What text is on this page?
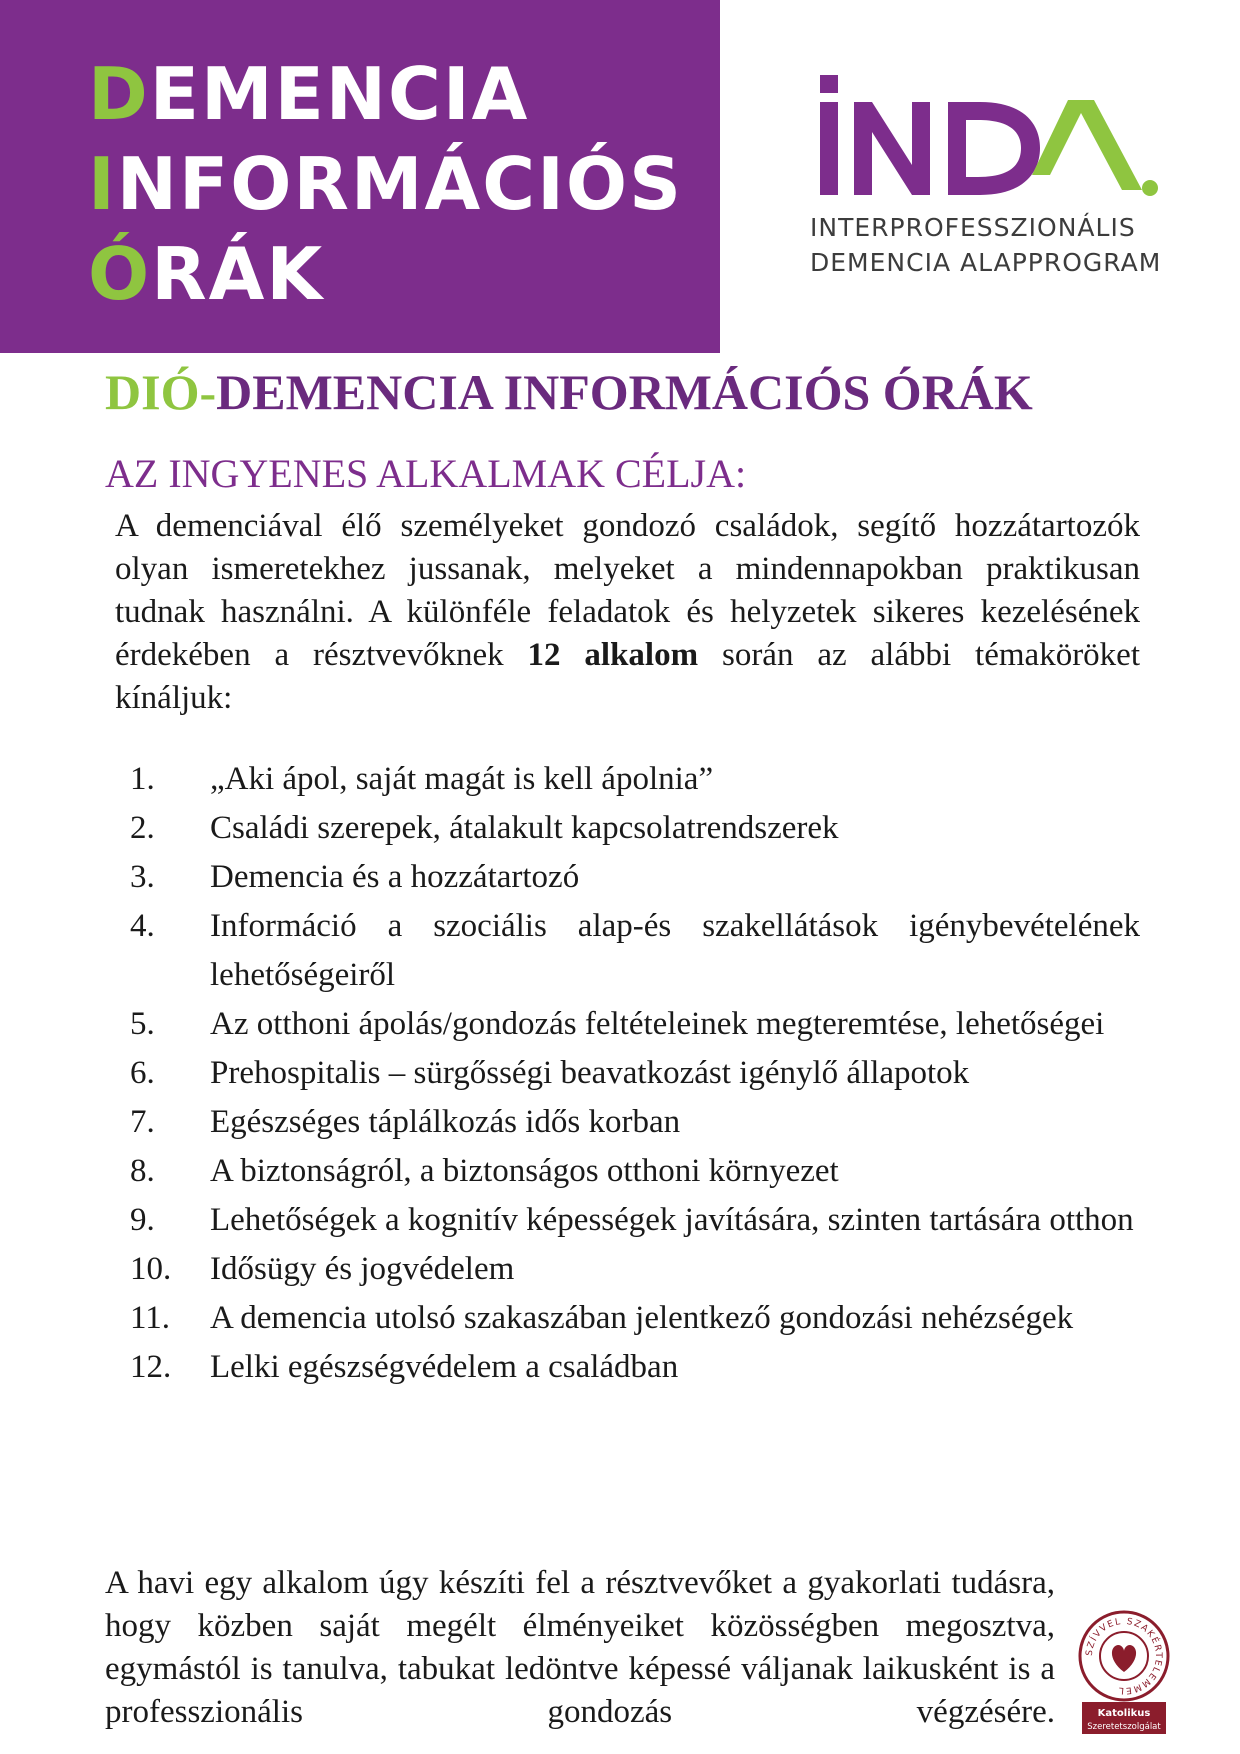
DEMENCIA
INFORMÁCIÓS
ÓRÁK
INTERPROFESSZIONÁLIS
DEMENCIA ALAPPROGRAM
DIÓ-DEMENCIA INFORMÁCIÓS ÓRÁK
AZ INGYENES ALKALMAK CÉLJA:
A demenciával élő személyeket gondozó családok, segítő hozzátartozók olyan ismeretekhez jussanak, melyeket a mindennapokban praktikusan tudnak használni. A különféle feladatok és helyzetek sikeres kezelésének érdekében a résztvevőknek 12 alkalom során az alábbi témaköröket kínáljuk:
1. „Aki ápol, saját magát is kell ápolnia”
2. Családi szerepek, átalakult kapcsolatrendszerek
3. Demencia és a hozzátartozó
4. Információ a szociális alap-és szakellátások igénybevételének lehetőségeiről
5. Az otthoni ápolás/gondozás feltételeinek megteremtése, lehetőségei
6. Prehospitalis – sürgősségi beavatkozást igénylő állapotok
7. Egészséges táplálkozás idős korban
8. A biztonságról, a biztonságos otthoni környezet
9. Lehetőségek a kognitív képességek javítására, szinten tartására otthon
10. Idősügy és jogvédelem
11. A demencia utolsó szakaszában jelentkező gondozási nehézségek
12. Lelki egészségvédelem a családban
A havi egy alkalom úgy készíti fel a résztvevőket a gyakorlati tudásra, hogy közben saját megélt élményeiket közösségben megosztva, egymástól is tanulva, tabukat ledöntve képessé váljanak laikusként is a professzionális gondozás végzésére.
SZÍVVEL SZAKÉRTELEMMEL
Katolikus
Szeretetszolgálat
